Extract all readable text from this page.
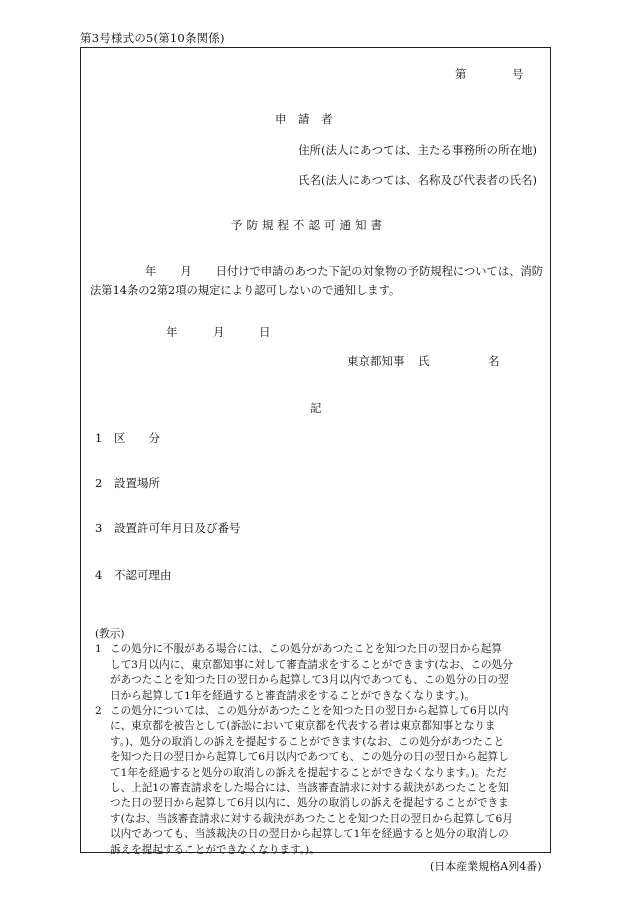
第3号様式の5(第10条関係)
第	号
申　請　者
住所(法人にあつては、主たる事務所の所在地)
氏名(法人にあつては、名称及び代表者の氏名)
予防規程不認可通知書

年 月 日付けで申請のあつた下記の対象物の予防規程については、消防

法第14条の2第2項の規定により認可しないので通知します。

年	月	日
東京都知事 氏	名
記
1 区　　分
2 設置場所
3 設置許可年月日及び番号
4 不認可理由
(教示)
1 この処分に不服がある場合には、この処分があつたことを知つた日の翌日から起算
して3月以内に、東京都知事に対して審査請求をすることができます(なお、この処分
があつたことを知つた日の翌日から起算して3月以内であつても、この処分の日の翌
日から起算して1年を経過すると審査請求をすることができなくなります。)。
2 この処分については、この処分があつたことを知つた日の翌日から起算して6月以内
に、東京都を被告として(訴訟において東京都を代表する者は東京都知事となりま
す。)、処分の取消しの訴えを提起することができます(なお、この処分があつたこと
を知つた日の翌日から起算して6月以内であつても、この処分の日の翌日から起算し
て1年を経過すると処分の取消しの訴えを提起することができなくなります。)。ただ
し、上記1の審査請求をした場合には、当該審査請求に対する裁決があつたことを知
つた日の翌日から起算して6月以内に、処分の取消しの訴えを提起することができま
す(なお、当該審査請求に対する裁決があつたことを知つた日の翌日から起算して6月
以内であつても、当該裁決の日の翌日から起算して1年を経過すると処分の取消しの
訴えを提起することができなくなります。)。
(日本産業規格A列4番)
